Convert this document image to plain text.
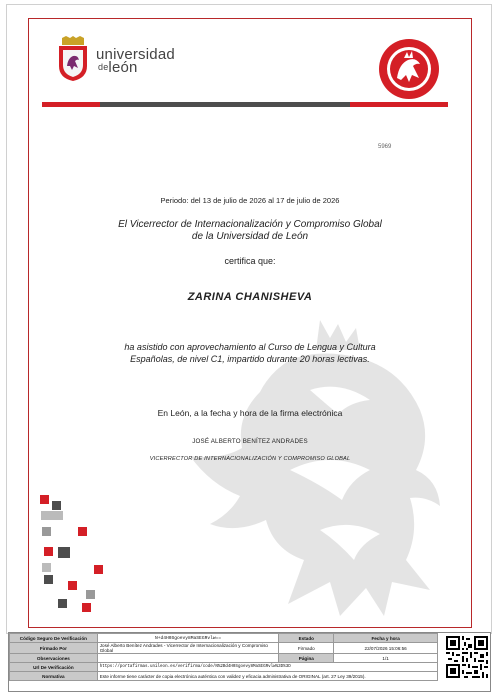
universidad
$^{de}$león
5969
Periodo: del 13 de julio de 2026 al 17 de julio de 2026
El Vicerrector de Internacionalización y Compromiso Global
de la Universidad de León
certifica que:
ZARINA CHANISHEVA
ha asistido con aprovechamiento al Curso de Lengua y Cultura
Españolas, de nivel C1, impartido durante 20 horas lectivas.
En León, a la fecha y hora de la firma electrónica
JOSÉ ALBERTO BENÍTEZ ANDRADES
VICERRECTOR DE INTERNACIONALIZACIÓN Y COMPROMISO GLOBAL
Código Seguro De Verificación	N+d4H0Sgoevy8MaSEGRvlw==	Estado	Fecha y hora
Firmado Por	José Alberto Benítez Andrades - Vicerrector de Internacionalización y Compromiso Global	Firmado	22/07/2026 15:06:56
Observaciones		Página	1/1
Url De Verificación	https://portafirmas.unileon.es/verifirma/code/N%2Bd4H0Sgoevy8MaSEGRvlw%3D%3D		
Normativa	Este informe tiene carácter de copia electrónica auténtica con validez y eficacia administrativa de ORIGINAL (art. 27 Ley 39/2015).		
